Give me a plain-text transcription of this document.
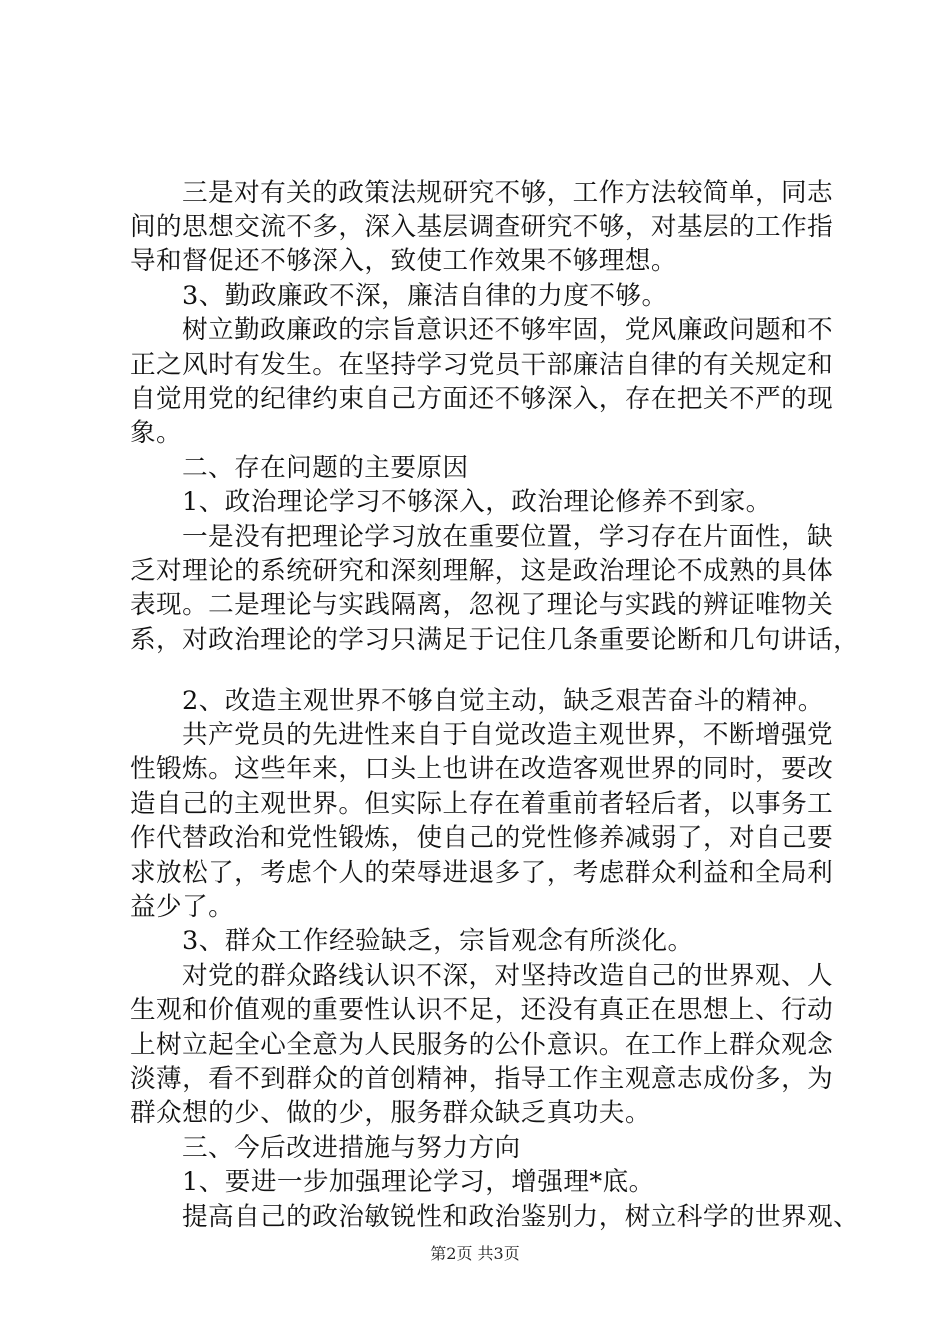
三是对有关的政策法规研究不够，工作方法较简单，同志
间的思想交流不多，深入基层调查研究不够，对基层的工作指
导和督促还不够深入，致使工作效果不够理想。
3、勤政廉政不深，廉洁自律的力度不够。
树立勤政廉政的宗旨意识还不够牢固，党风廉政问题和不
正之风时有发生。在坚持学习党员干部廉洁自律的有关规定和
自觉用党的纪律约束自己方面还不够深入，存在把关不严的现
象。
二、存在问题的主要原因
1、政治理论学习不够深入，政治理论修养不到家。
一是没有把理论学习放在重要位置，学习存在片面性，缺
乏对理论的系统研究和深刻理解，这是政治理论不成熟的具体
表现。二是理论与实践隔离，忽视了理论与实践的辨证唯物关
系，对政治理论的学习只满足于记住几条重要论断和几句讲话，
2、改造主观世界不够自觉主动，缺乏艰苦奋斗的精神。
共产党员的先进性来自于自觉改造主观世界，不断增强党
性锻炼。这些年来，口头上也讲在改造客观世界的同时，要改
造自己的主观世界。但实际上存在着重前者轻后者，以事务工
作代替政治和党性锻炼，使自己的党性修养减弱了，对自己要
求放松了，考虑个人的荣辱进退多了，考虑群众利益和全局利
益少了。
3、群众工作经验缺乏，宗旨观念有所淡化。
对党的群众路线认识不深，对坚持改造自己的世界观、人
生观和价值观的重要性认识不足，还没有真正在思想上、行动
上树立起全心全意为人民服务的公仆意识。在工作上群众观念
淡薄，看不到群众的首创精神，指导工作主观意志成份多，为
群众想的少、做的少，服务群众缺乏真功夫。
三、今后改进措施与努力方向
1、要进一步加强理论学习，增强理*底。
提高自己的政治敏锐性和政治鉴别力，树立科学的世界观、
第2页 共3页
